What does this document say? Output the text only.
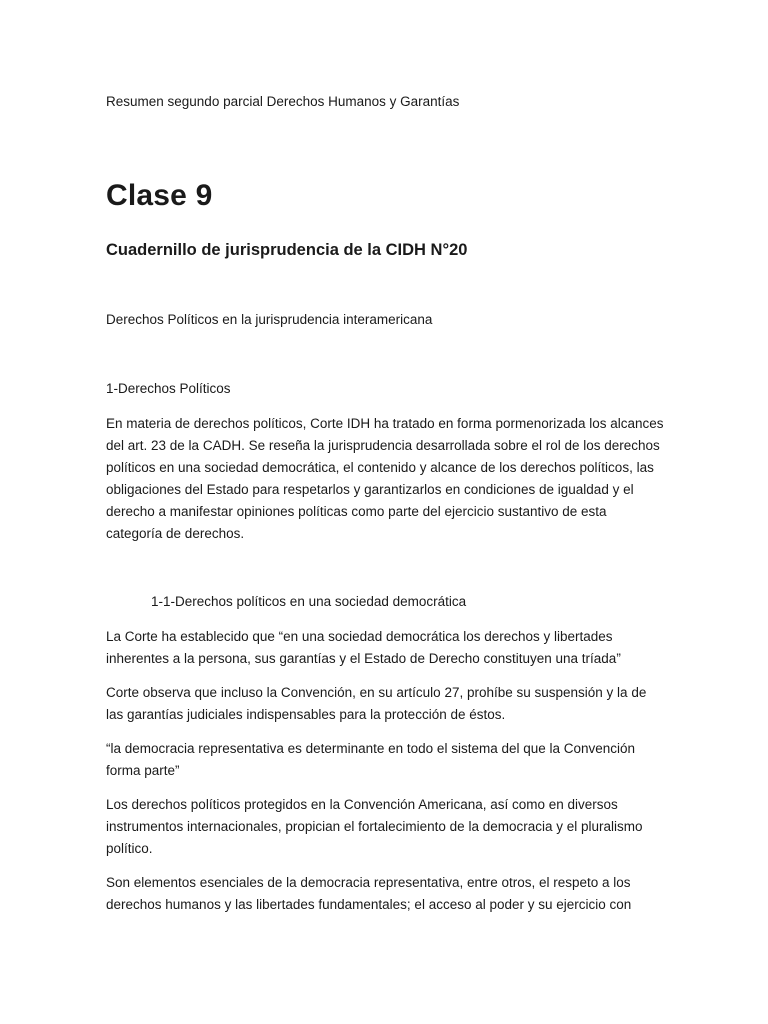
Resumen segundo parcial Derechos Humanos y Garantías

Clase 9

Cuadernillo de jurisprudencia de la CIDH N°20

Derechos Políticos en la jurisprudencia interamericana

1-Derechos Políticos

En materia de derechos políticos, Corte IDH ha tratado en forma pormenorizada los alcances del art. 23 de la CADH. Se reseña la jurisprudencia desarrollada sobre el rol de los derechos políticos en una sociedad democrática, el contenido y alcance de los derechos políticos, las obligaciones del Estado para respetarlos y garantizarlos en condiciones de igualdad y el derecho a manifestar opiniones políticas como parte del ejercicio sustantivo de esta categoría de derechos.

1-1-Derechos políticos en una sociedad democrática

La Corte ha establecido que “en una sociedad democrática los derechos y libertades inherentes a la persona, sus garantías y el Estado de Derecho constituyen una tríada”

Corte observa que incluso la Convención, en su artículo 27, prohíbe su suspensión y la de las garantías judiciales indispensables para la protección de éstos.

“la democracia representativa es determinante en todo el sistema del que la Convención forma parte”

Los derechos políticos protegidos en la Convención Americana, así como en diversos instrumentos internacionales, propician el fortalecimiento de la democracia y el pluralismo político.

Son elementos esenciales de la democracia representativa, entre otros, el respeto a los derechos humanos y las libertades fundamentales; el acceso al poder y su ejercicio con
